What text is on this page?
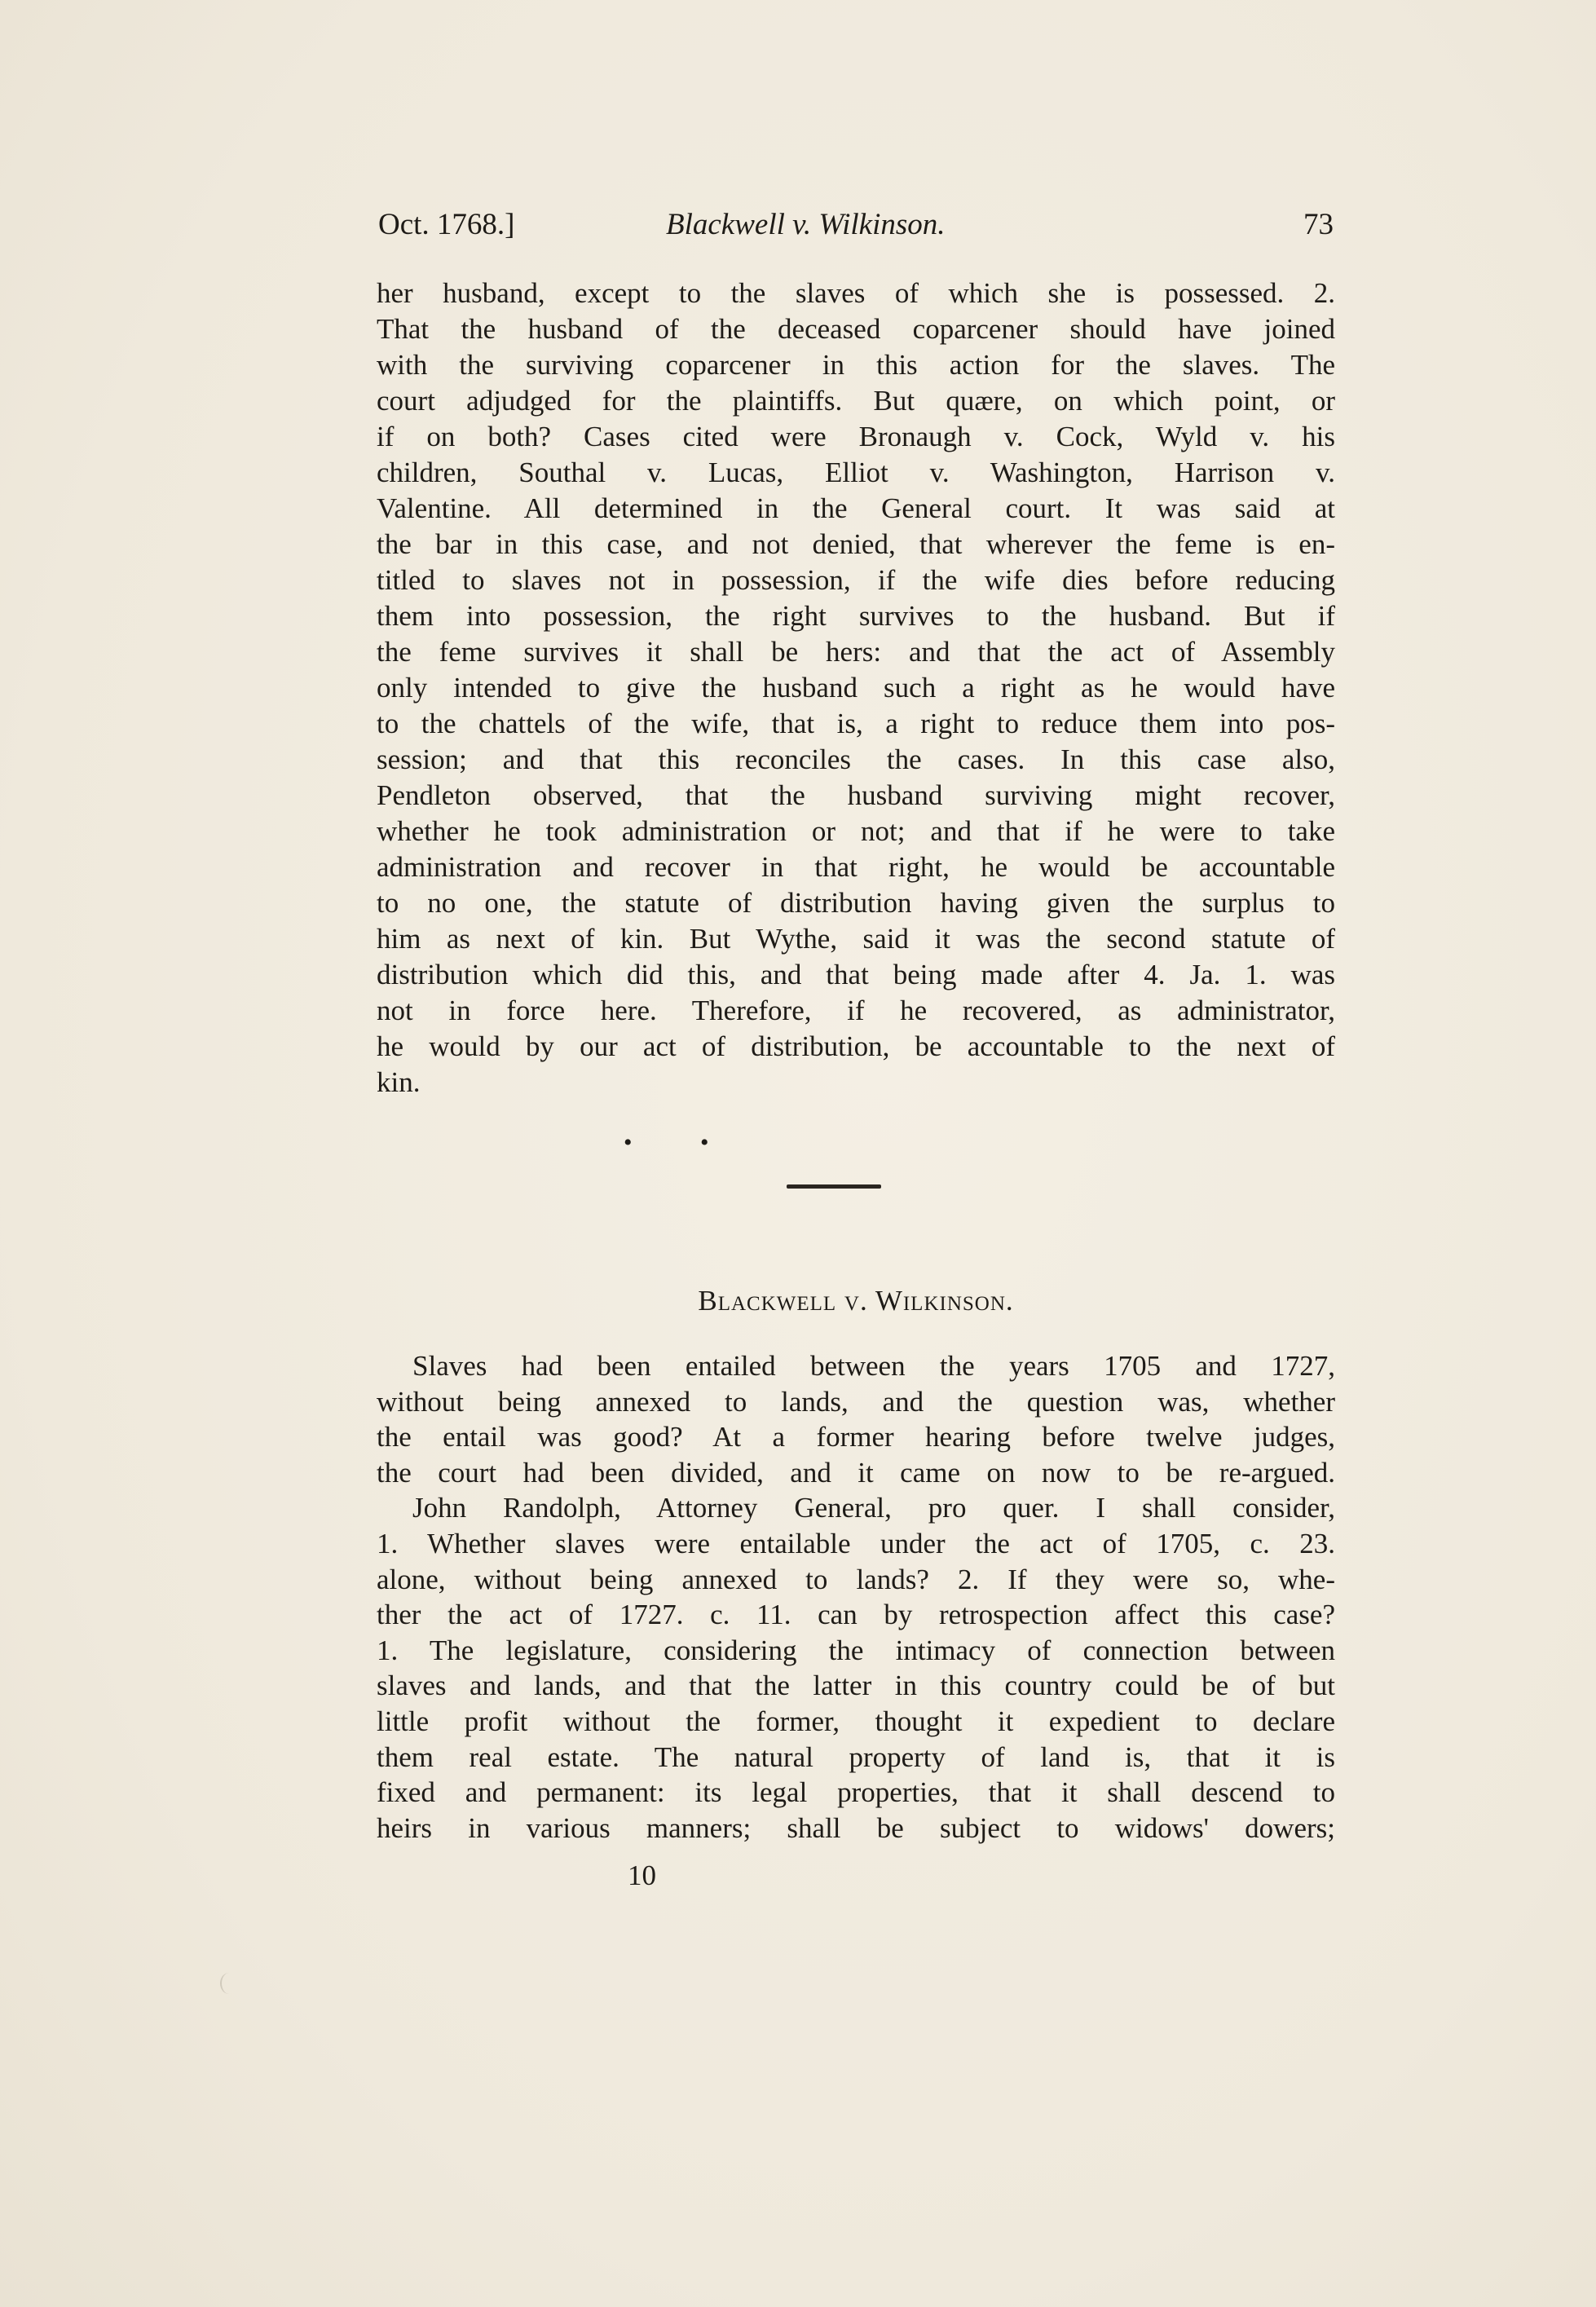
Oct. 1768.]	Blackwell v. Wilkinson.	73
her husband, except to the slaves of which she is possessed. 2.
That the husband of the deceased coparcener should have joined
with the surviving coparcener in this action for the slaves. The
court adjudged for the plaintiffs. But quære, on which point, or
if on both? Cases cited were Bronaugh v. Cock, Wyld v. his
children, Southal v. Lucas, Elliot v. Washington, Harrison v.
Valentine. All determined in the General court. It was said at
the bar in this case, and not denied, that wherever the feme is en-
titled to slaves not in possession, if the wife dies before reducing
them into possession, the right survives to the husband. But if
the feme survives it shall be hers: and that the act of Assembly
only intended to give the husband such a right as he would have
to the chattels of the wife, that is, a right to reduce them into pos-
session; and that this reconciles the cases. In this case also,
Pendleton observed, that the husband surviving might recover,
whether he took administration or not; and that if he were to take
administration and recover in that right, he would be accountable
to no one, the statute of distribution having given the surplus to
him as next of kin. But Wythe, said it was the second statute of
distribution which did this, and that being made after 4. Ja. 1. was
not in force here. Therefore, if he recovered, as administrator,
he would by our act of distribution, be accountable to the next of
kin.
• •
Blackwell v. Wilkinson.
Slaves had been entailed between the years 1705 and 1727,
without being annexed to lands, and the question was, whether
the entail was good? At a former hearing before twelve judges,
the court had been divided, and it came on now to be re-argued.
John Randolph, Attorney General, pro quer. I shall consider,
1. Whether slaves were entailable under the act of 1705, c. 23.
alone, without being annexed to lands? 2. If they were so, whe-
ther the act of 1727. c. 11. can by retrospection affect this case?
1. The legislature, considering the intimacy of connection between
slaves and lands, and that the latter in this country could be of but
little profit without the former, thought it expedient to declare
them real estate. The natural property of land is, that it is
fixed and permanent: its legal properties, that it shall descend to
heirs in various manners; shall be subject to widows' dowers;
10
